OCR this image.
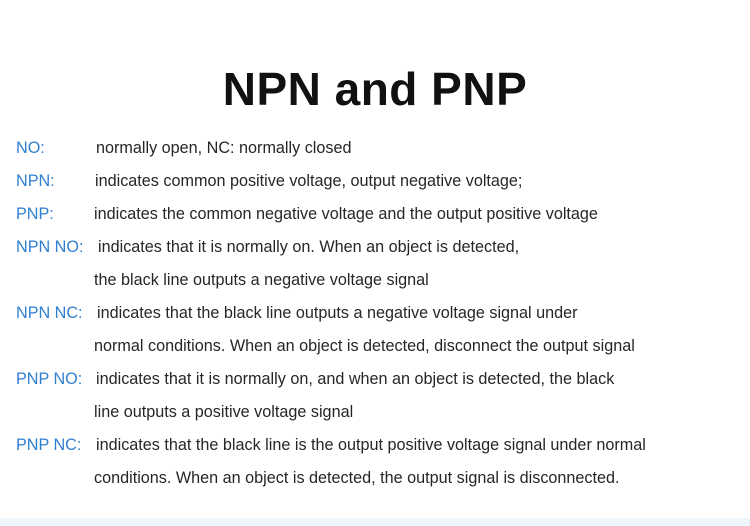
NPN and PNP
NO:	normally open, NC: normally closed
NPN: indicates common positive voltage, output negative voltage;
PNP: indicates the common negative voltage and the output positive voltage
NPN NO: indicates that it is normally on. When an object is detected,
the black line outputs a negative voltage signal
NPN NC: indicates that the black line outputs a negative voltage signal under
normal conditions. When an object is detected, disconnect the output signal
PNP NO: indicates that it is normally on, and when an object is detected, the black
line outputs a positive voltage signal
PNP NC: indicates that the black line is the output positive voltage signal under normal
conditions. When an object is detected, the output signal is disconnected.
